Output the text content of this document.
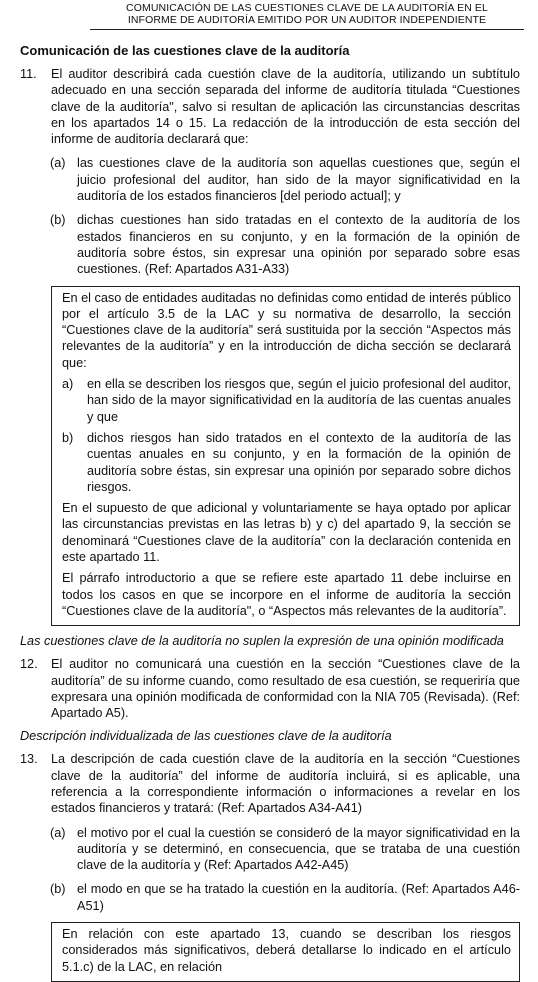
COMUNICACIÓN DE LAS CUESTIONES CLAVE DE LA AUDITORÍA EN EL
INFORME DE AUDITORÍA EMITIDO POR UN AUDITOR INDEPENDIENTE
Comunicación de las cuestiones clave de la auditoría
11.	El auditor describirá cada cuestión clave de la auditoría, utilizando un subtítulo adecuado en una sección separada del informe de auditoría titulada “Cuestiones clave de la auditoría", salvo si resultan de aplicación las circunstancias descritas en los apartados 14 o 15. La redacción de la introducción de esta sección del informe de auditoría declarará que:
(a) las cuestiones clave de la auditoría son aquellas cuestiones que, según el juicio profesional del auditor, han sido de la mayor significatividad en la auditoría de los estados financieros [del periodo actual]; y
(b) dichas cuestiones han sido tratadas en el contexto de la auditoría de los estados financieros en su conjunto, y en la formación de la opinión de auditoría sobre éstos, sin expresar una opinión por separado sobre esas cuestiones. (Ref: Apartados A31-A33)
En el caso de entidades auditadas no definidas como entidad de interés público por el artículo 3.5 de la LAC y su normativa de desarrollo, la sección “Cuestiones clave de la auditoría” será sustituida por la sección “Aspectos más relevantes de la auditoría” y en la introducción de dicha sección se declarará que:
a)	en ella se describen los riesgos que, según el juicio profesional del auditor, han sido de la mayor significatividad en la auditoría de las cuentas anuales y que
b)	dichos riesgos han sido tratados en el contexto de la auditoría de las cuentas anuales en su conjunto, y en la formación de la opinión de auditoría sobre éstas, sin expresar una opinión por separado sobre dichos riesgos.
En el supuesto de que adicional y voluntariamente se haya optado por aplicar las circunstancias previstas en las letras b) y c) del apartado 9, la sección se denominará “Cuestiones clave de la auditoría” con la declaración contenida en este apartado 11.
El párrafo introductorio a que se refiere este apartado 11 debe incluirse en todos los casos en que se incorpore en el informe de auditoría la sección “Cuestiones clave de la auditoría", o “Aspectos más relevantes de la auditoría”.
Las cuestiones clave de la auditoría no suplen la expresión de una opinión modificada
12.	El auditor no comunicará una cuestión en la sección “Cuestiones clave de la auditoría” de su informe cuando, como resultado de esa cuestión, se requeriría que expresara una opinión modificada de conformidad con la NIA 705 (Revisada). (Ref: Apartado A5).
Descripción individualizada de las cuestiones clave de la auditoría
13.	La descripción de cada cuestión clave de la auditoría en la sección “Cuestiones clave de la auditoría” del informe de auditoría incluirá, si es aplicable, una referencia a la correspondiente información o informaciones a revelar en los estados financieros y tratará: (Ref: Apartados A34-A41)
(a) el motivo por el cual la cuestión se consideró de la mayor significatividad en la auditoría y se determinó, en consecuencia, que se trataba de una cuestión clave de la auditoría y (Ref: Apartados A42-A45)
(b) el modo en que se ha tratado la cuestión en la auditoría. (Ref: Apartados A46-A51)
En relación con este apartado 13, cuando se describan los riesgos considerados más significativos, deberá detallarse lo indicado en el artículo 5.1.c) de la LAC, en relación
